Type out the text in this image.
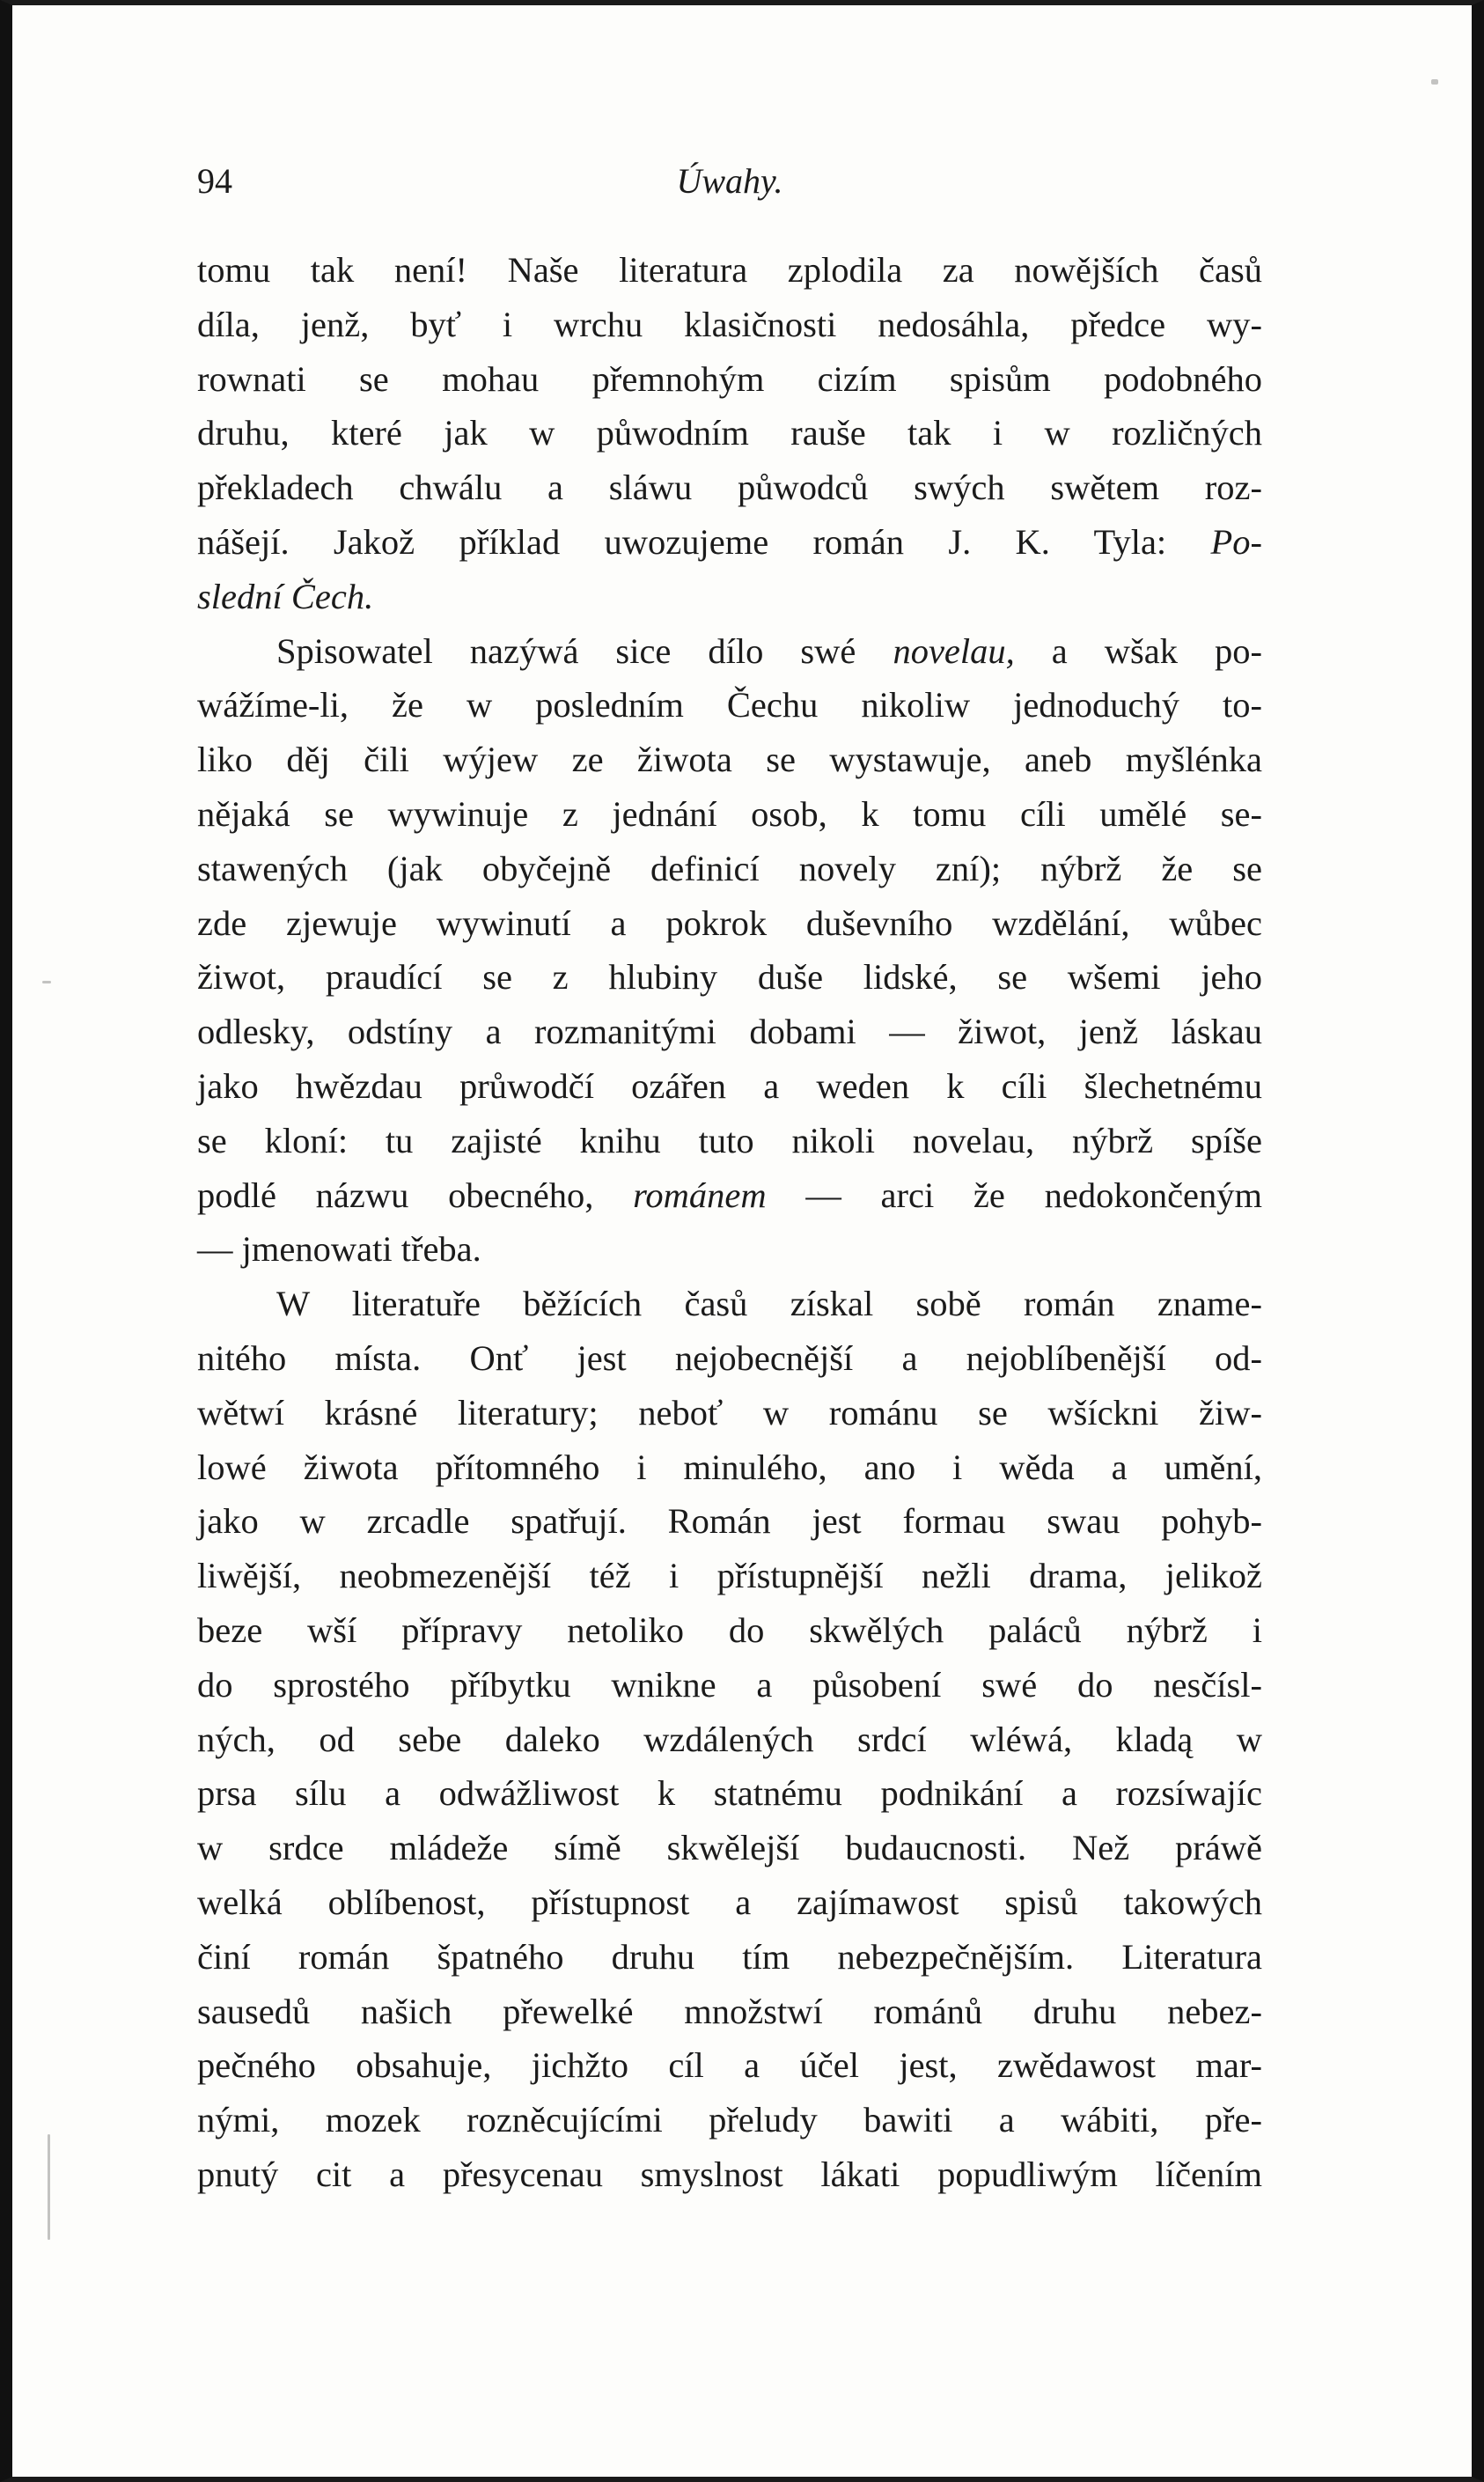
94	Úwahy.

tomu tak není! Naše literatura zplodila za nowějších časů

díla, jenž, byť i wrchu klasičnosti nedosáhla, předce wy-

rownati se mohau přemnohým cizím spisům podobného

druhu, které jak w půwodním rauše tak i w rozličných

překladech chwálu a sláwu půwodců swých swětem roz-

nášejí. Jakož příklad uwozujeme román J. K. Tyla: Po-

slední Čech.

Spisowatel nazýwá sice dílo swé novelau, a wšak po-

wážíme-li, že w posledním Čechu nikoliw jednoduchý to-

liko děj čili wýjew ze žiwota se wystawuje, aneb myšlénka

nějaká se wywinuje z jednání osob, k tomu cíli umělé se-

stawených (jak obyčejně definicí novely zní); nýbrž že se

zde zjewuje wywinutí a pokrok duševního wzdělání, wůbec

žiwot, praudící se z hlubiny duše lidské, se wšemi jeho

odlesky, odstíny a rozmanitými dobami — žiwot, jenž láskau

jako hwězdau průwodčí ozářen a weden k cíli šlechetnému

se kloní: tu zajisté knihu tuto nikoli novelau, nýbrž spíše

podlé názwu obecného, románem — arci že nedokončeným

— jmenowati třeba.

W literatuře běžících časů získal sobě román zname-

nitého místa. Onť jest nejobecnější a nejoblíbenější od-

wětwí krásné literatury; neboť w románu se wšíckni žiw-

lowé žiwota přítomného i minulého, ano i wěda a umění,

jako w zrcadle spatřují. Román jest formau swau pohyb-

liwější, neobmezenější též i přístupnější nežli drama, jelikož

beze wší přípravy netoliko do skwělých paláců nýbrž i

do sprostého příbytku wnikne a působení swé do nesčísl-

ných, od sebe daleko wzdálených srdcí wléwá, kladą w

prsa sílu a odwážliwost k statnému podnikání a rozsíwajíc

w srdce mládeže símě skwělejší budaucnosti. Než práwě

welká oblíbenost, přístupnost a zajímawost spisů takowých

činí román špatného druhu tím nebezpečnějším. Literatura

sausedů našich přewelké množstwí románů druhu nebez-

pečného obsahuje, jichžto cíl a účel jest, zwědawost mar-

nými, mozek rozněcujícími přeludy bawiti a wábiti, pře-

pnutý cit a přesycenau smyslnost lákati popudliwým líčením
